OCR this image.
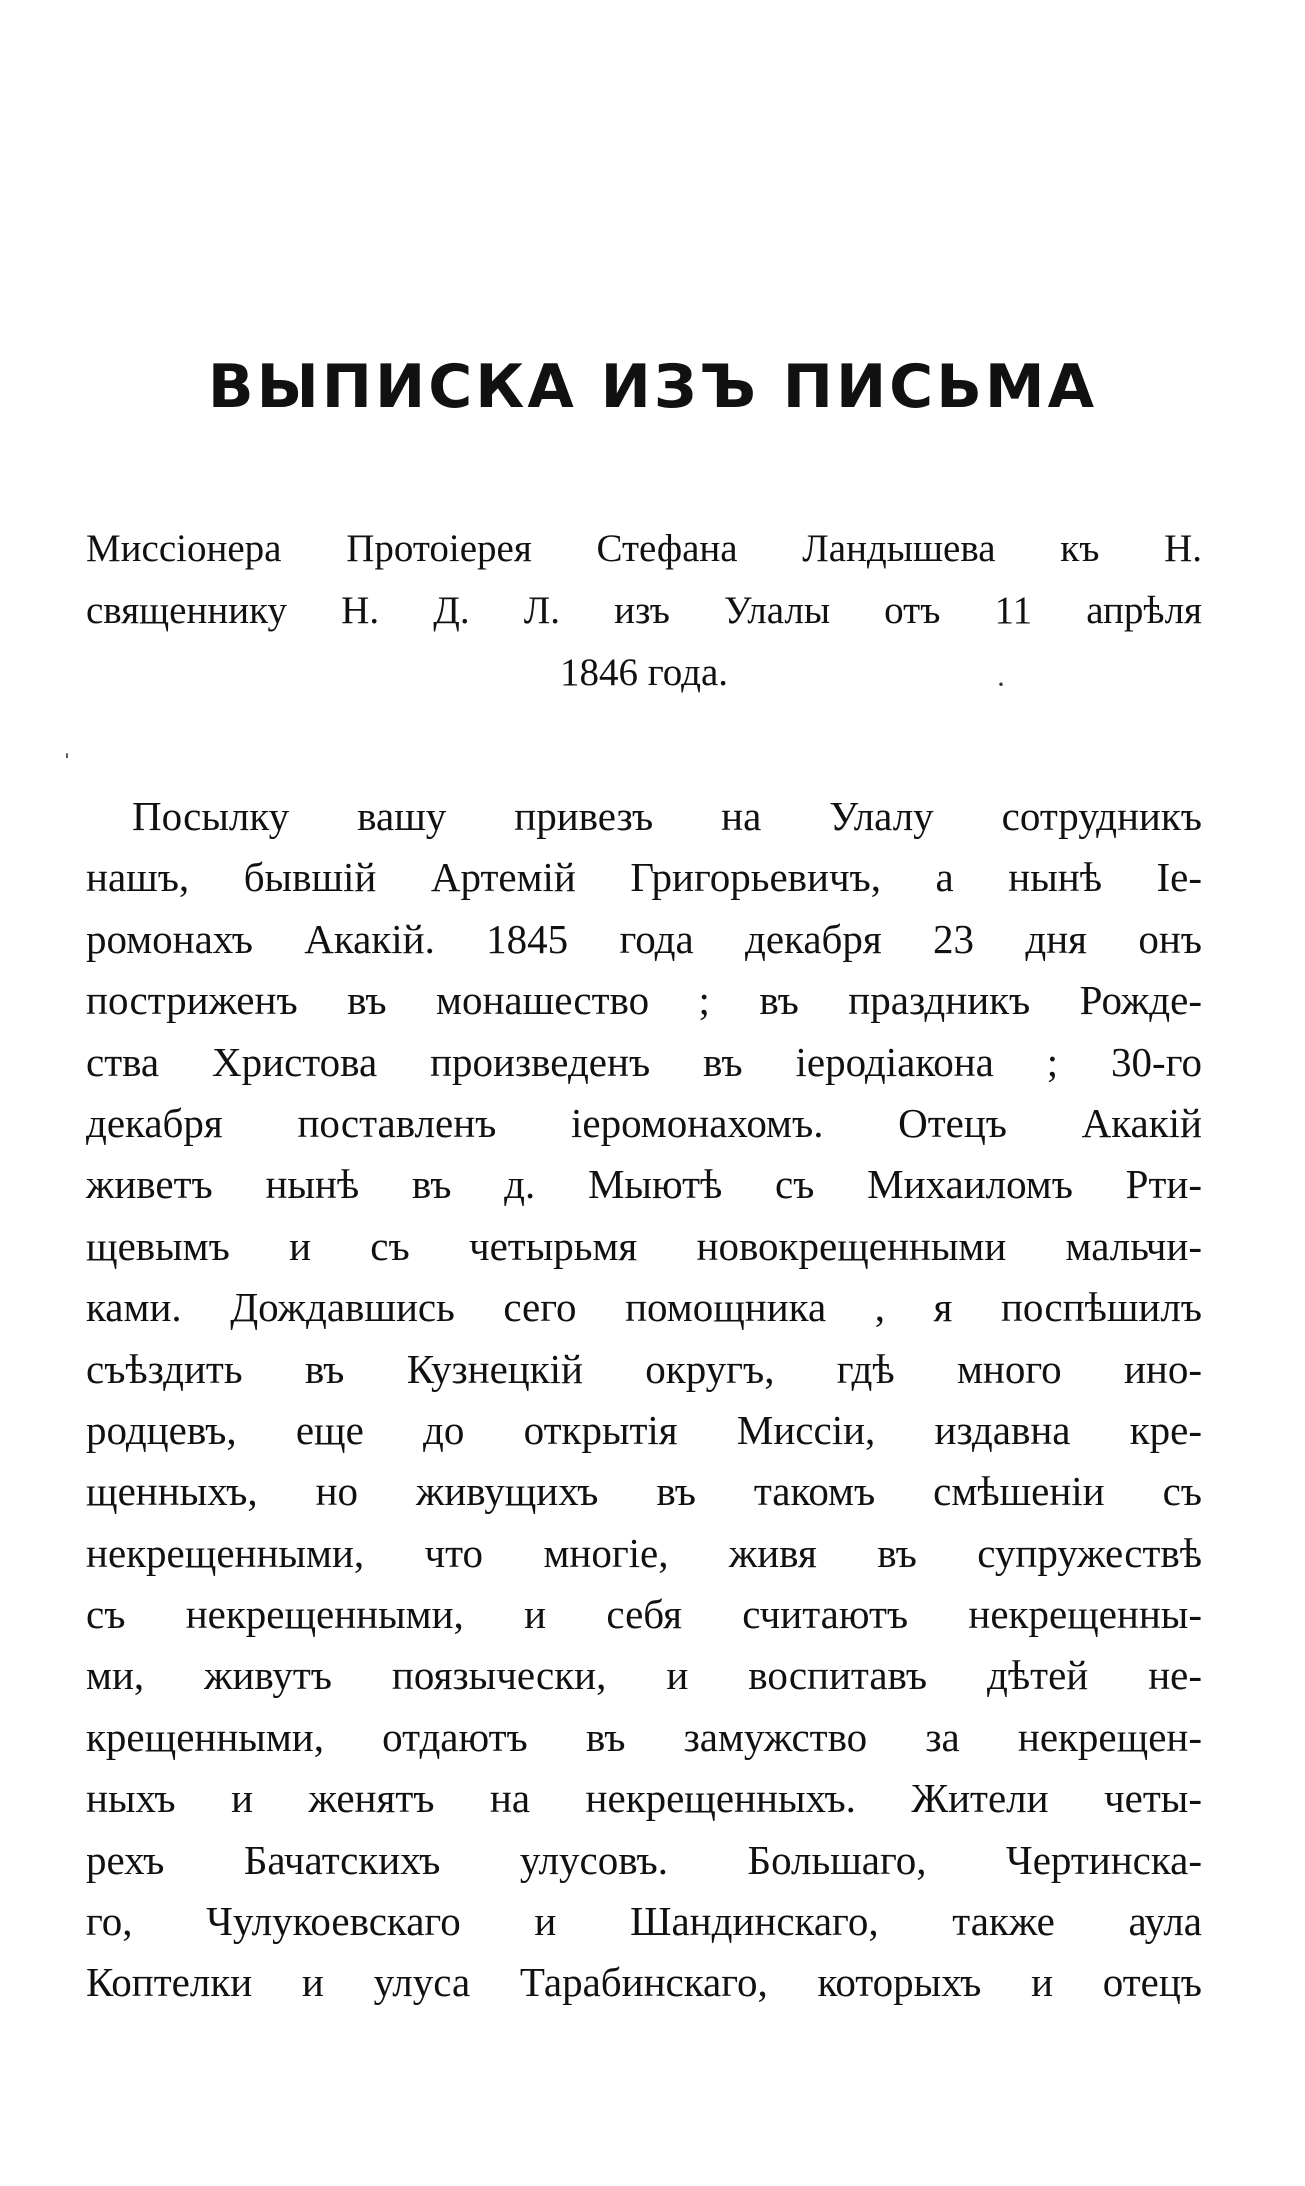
ВЫПИСКА ИЗЪ ПИСЬМА
Миссіонера Протоіерея Стефана Ландышева къ Н.
священнику Н. Д. Л. изъ Улалы отъ 11 апрѣля
1846 года.	·
ˈ
Посылку вашу привезъ на Улалу сотрудникъ
нашъ, бывшій Артемій Григорьевичъ, а нынѣ Іе-
ромонахъ Акакій. 1845 года декабря 23 дня онъ
постриженъ въ монашество ; въ праздникъ Рожде-
ства Христова произведенъ въ іеродіакона ; 30-го
декабря поставленъ іеромонахомъ. Отецъ Акакій
живетъ нынѣ въ д. Мыютѣ съ Михаиломъ Рти-
щевымъ и съ четырьмя новокрещенными мальчи-
ками. Дождавшись сего помощника , я поспѣшилъ
съѣздить въ Кузнецкій округъ, гдѣ много ино-
родцевъ, еще до открытія Миссіи, издавна кре-
щенныхъ, но живущихъ въ такомъ смѣшеніи съ
некрещенными, что многіе, живя въ супружествѣ
съ некрещенными, и себя считаютъ некрещенны-
ми, живутъ поязычески, и воспитавъ дѣтей не-
крещенными, отдаютъ въ замужство за некрещен-
ныхъ и женятъ на некрещенныхъ. Жители четы-
рехъ Бачатскихъ улусовъ. Большаго, Чертинска-
го, Чулукоевскаго и Шандинскаго, также аула
Коптелки и улуса Тарабинскаго, которыхъ и отецъ
